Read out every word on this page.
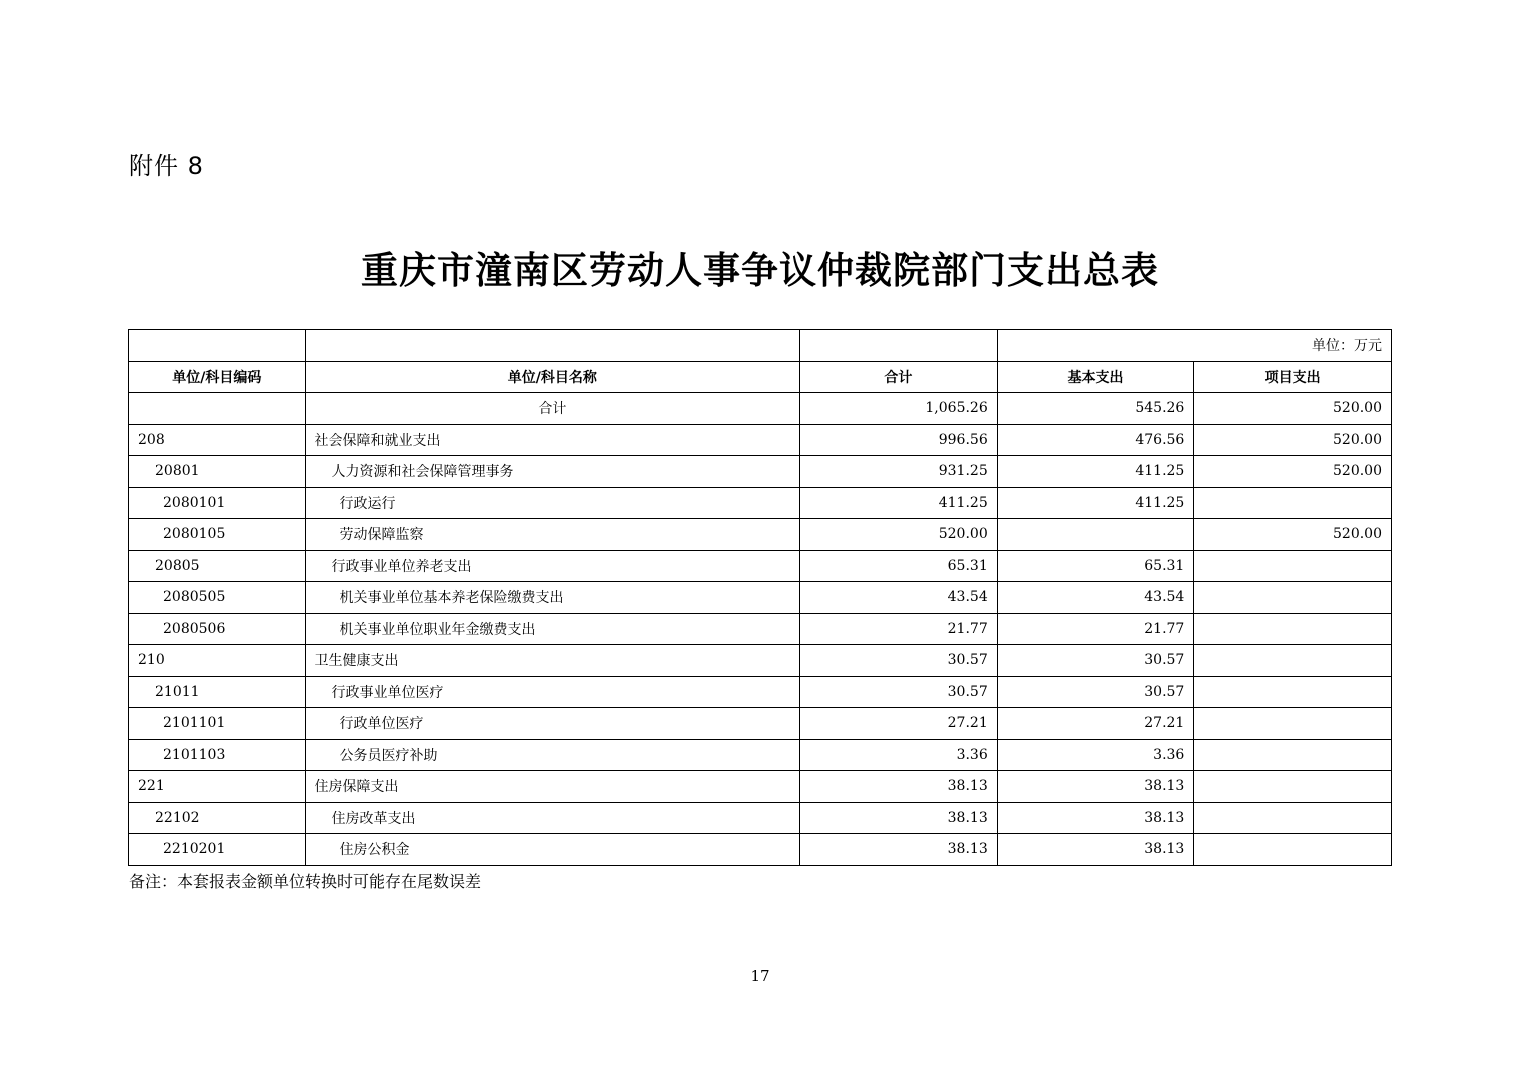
附件 8
重庆市潼南区劳动人事争议仲裁院部门支出总表
			单位：万元	
单位/科目编码	单位/科目名称	合计	基本支出	项目支出
	合计	1,065.26	545.26	520.00
208	社会保障和就业支出	996.56	476.56	520.00
20801	人力资源和社会保障管理事务	931.25	411.25	520.00
2080101	行政运行	411.25	411.25	
2080105	劳动保障监察	520.00		520.00
20805	行政事业单位养老支出	65.31	65.31	
2080505	机关事业单位基本养老保险缴费支出	43.54	43.54	
2080506	机关事业单位职业年金缴费支出	21.77	21.77	
210	卫生健康支出	30.57	30.57	
21011	行政事业单位医疗	30.57	30.57	
2101101	行政单位医疗	27.21	27.21	
2101103	公务员医疗补助	3.36	3.36	
221	住房保障支出	38.13	38.13	
22102	住房改革支出	38.13	38.13	
2210201	住房公积金	38.13	38.13	
备注：本套报表金额单位转换时可能存在尾数误差
17
